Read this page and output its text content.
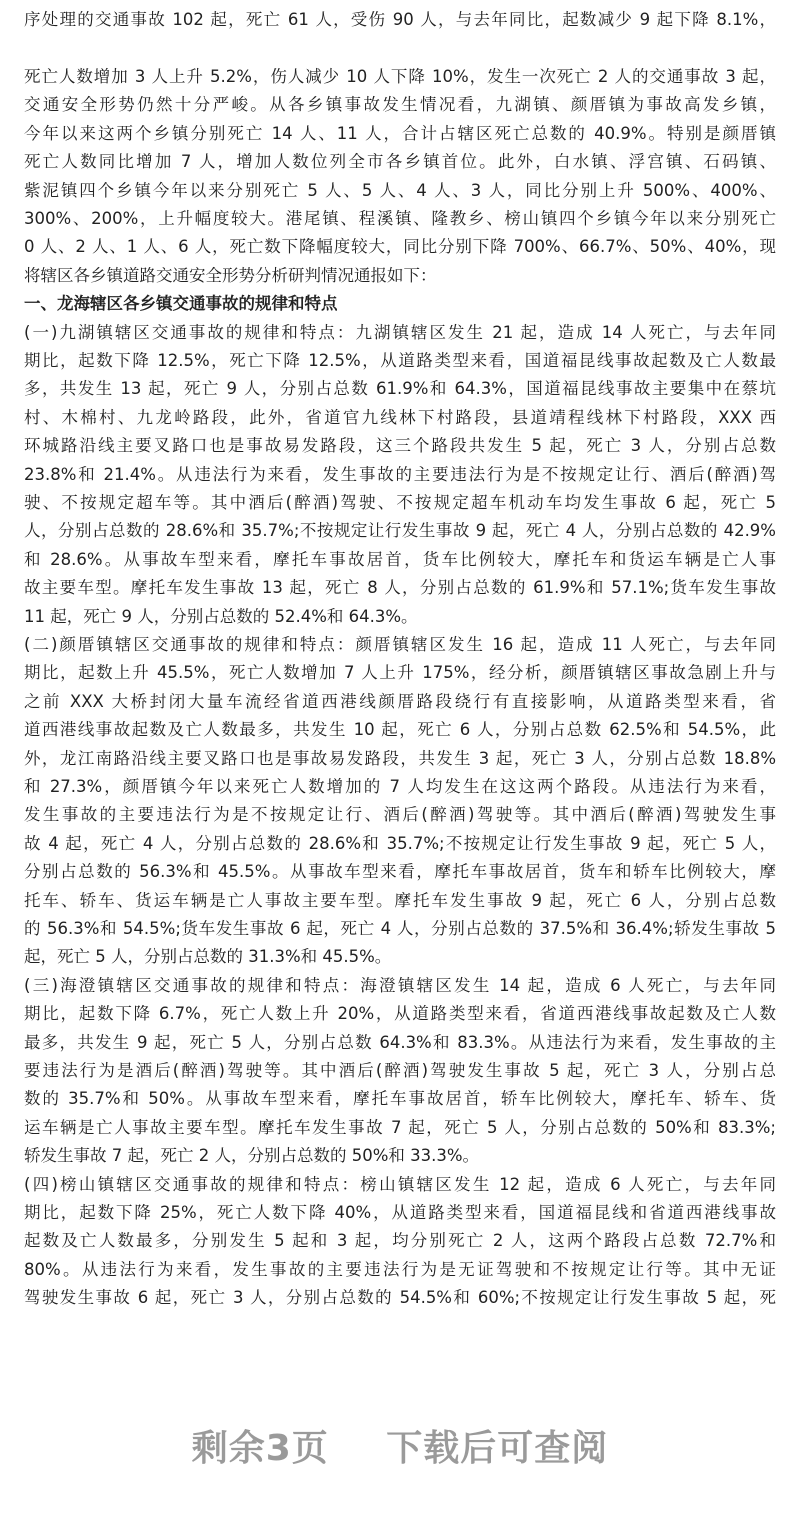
序处理的交通事故 102 起，死亡 61 人，受伤 90 人，与去年同比，起数减少 9 起下降 8.1%，
死亡人数增加 3 人上升 5.2%，伤人减少 10 人下降 10%，发生一次死亡 2 人的交通事故 3 起，
交通安全形势仍然十分严峻。从各乡镇事故发生情况看，九湖镇、颜厝镇为事故高发乡镇，
今年以来这两个乡镇分别死亡 14 人、11 人，合计占辖区死亡总数的 40.9%。特别是颜厝镇
死亡人数同比增加 7 人，增加人数位列全市各乡镇首位。此外，白水镇、浮宫镇、石码镇、
紫泥镇四个乡镇今年以来分别死亡 5 人、5 人、4 人、3 人，同比分别上升 500%、400%、
300%、200%，上升幅度较大。港尾镇、程溪镇、隆教乡、榜山镇四个乡镇今年以来分别死亡
0 人、2 人、1 人、6 人，死亡数下降幅度较大，同比分别下降 700%、66.7%、50%、40%，现
将辖区各乡镇道路交通安全形势分析研判情况通报如下：
一、龙海辖区各乡镇交通事故的规律和特点
(一)九湖镇辖区交通事故的规律和特点：九湖镇辖区发生 21 起，造成 14 人死亡，与去年同
期比，起数下降 12.5%，死亡下降 12.5%，从道路类型来看，国道福昆线事故起数及亡人数最
多，共发生 13 起，死亡 9 人，分别占总数 61.9%和 64.3%，国道福昆线事故主要集中在蔡坑
村、木棉村、九龙岭路段，此外，省道官九线林下村路段，县道靖程线林下村路段，XXX 西
环城路沿线主要叉路口也是事故易发路段，这三个路段共发生 5 起，死亡 3 人，分别占总数
23.8%和 21.4%。从违法行为来看，发生事故的主要违法行为是不按规定让行、酒后(醉酒)驾
驶、不按规定超车等。其中酒后(醉酒)驾驶、不按规定超车机动车均发生事故 6 起，死亡 5
人，分别占总数的 28.6%和 35.7%;不按规定让行发生事故 9 起，死亡 4 人，分别占总数的 42.9%
和 28.6%。从事故车型来看，摩托车事故居首，货车比例较大，摩托车和货运车辆是亡人事
故主要车型。摩托车发生事故 13 起，死亡 8 人，分别占总数的 61.9%和 57.1%;货车发生事故
11 起，死亡 9 人，分别占总数的 52.4%和 64.3%。
(二)颜厝镇辖区交通事故的规律和特点：颜厝镇辖区发生 16 起，造成 11 人死亡，与去年同
期比，起数上升 45.5%，死亡人数增加 7 人上升 175%，经分析，颜厝镇辖区事故急剧上升与
之前 XXX 大桥封闭大量车流经省道西港线颜厝路段绕行有直接影响，从道路类型来看，省
道西港线事故起数及亡人数最多，共发生 10 起，死亡 6 人，分别占总数 62.5%和 54.5%，此
外，龙江南路沿线主要叉路口也是事故易发路段，共发生 3 起，死亡 3 人，分别占总数 18.8%
和 27.3%，颜厝镇今年以来死亡人数增加的 7 人均发生在这这两个路段。从违法行为来看，
发生事故的主要违法行为是不按规定让行、酒后(醉酒)驾驶等。其中酒后(醉酒)驾驶发生事
故 4 起，死亡 4 人，分别占总数的 28.6%和 35.7%;不按规定让行发生事故 9 起，死亡 5 人，
分别占总数的 56.3%和 45.5%。从事故车型来看，摩托车事故居首，货车和轿车比例较大，摩
托车、轿车、货运车辆是亡人事故主要车型。摩托车发生事故 9 起，死亡 6 人，分别占总数
的 56.3%和 54.5%;货车发生事故 6 起，死亡 4 人，分别占总数的 37.5%和 36.4%;轿发生事故 5
起，死亡 5 人，分别占总数的 31.3%和 45.5%。
(三)海澄镇辖区交通事故的规律和特点：海澄镇辖区发生 14 起，造成 6 人死亡，与去年同
期比，起数下降 6.7%，死亡人数上升 20%，从道路类型来看，省道西港线事故起数及亡人数
最多，共发生 9 起，死亡 5 人，分别占总数 64.3%和 83.3%。从违法行为来看，发生事故的主
要违法行为是酒后(醉酒)驾驶等。其中酒后(醉酒)驾驶发生事故 5 起，死亡 3 人，分别占总
数的 35.7%和 50%。从事故车型来看，摩托车事故居首，轿车比例较大，摩托车、轿车、货
运车辆是亡人事故主要车型。摩托车发生事故 7 起，死亡 5 人，分别占总数的 50%和 83.3%;
轿发生事故 7 起，死亡 2 人，分别占总数的 50%和 33.3%。
(四)榜山镇辖区交通事故的规律和特点：榜山镇辖区发生 12 起，造成 6 人死亡，与去年同
期比，起数下降 25%，死亡人数下降 40%，从道路类型来看，国道福昆线和省道西港线事故
起数及亡人数最多，分别发生 5 起和 3 起，均分别死亡 2 人，这两个路段占总数 72.7%和
80%。从违法行为来看，发生事故的主要违法行为是无证驾驶和不按规定让行等。其中无证
驾驶发生事故 6 起，死亡 3 人，分别占总数的 54.5%和 60%;不按规定让行发生事故 5 起，死
剩余3页 下载后可查阅
